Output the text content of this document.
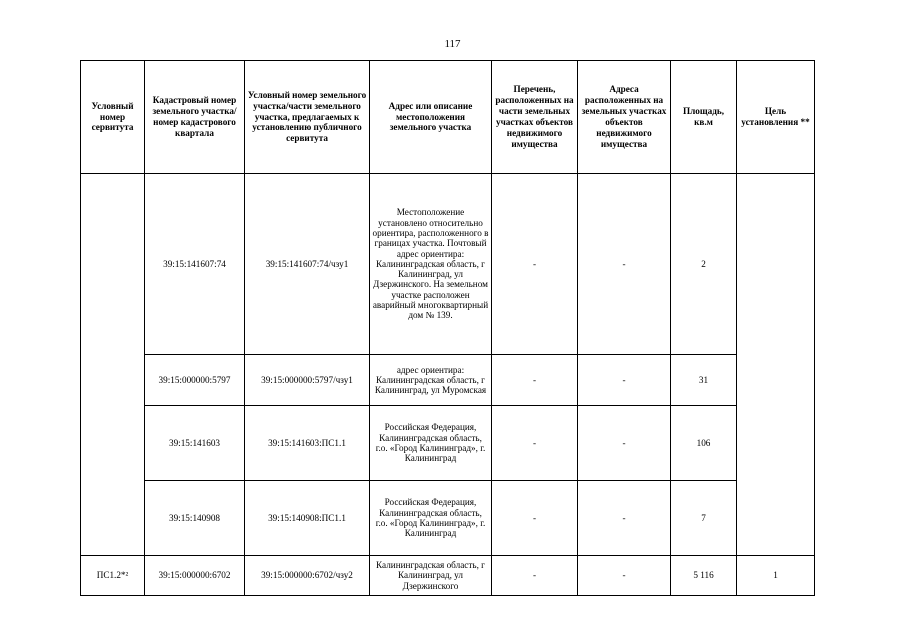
117
Условный номер сервитута	Кадастровый номер земельного участка/номер кадастрового квартала	Условный номер земельного участка/части земельного участка, предлагаемых к установлению публичного сервитута	Адрес или описание местоположения земельного участка	Перечень, расположенных на части земельных участках объектов недвижимого имущества	Адреса расположенных на земельных участках объектов недвижимого имущества	Площадь, кв.м	Цель установления **
	39:15:141607:74	39:15:141607:74/чзу1	Местоположение установлено относительно ориентира, расположенного в границах участка. Почтовый адрес ориентира: Калининградская область, г Калининград, ул Дзержинского. На земельном участке расположен аварийный многоквартирный дом № 139.	-	-	2	
	39:15:000000:5797	39:15:000000:5797/чзу1	адрес ориентира: Калининградская область, г Калининград, ул Муромская	-	-	31	
	39:15:141603	39:15:141603:ПС1.1	Российская Федерация, Калининградская область, г.о. «Город Калининград», г. Калининград	-	-	106	
	39:15:140908	39:15:140908:ПС1.1	Российская Федерация, Калининградская область, г.о. «Город Калининград», г. Калининград	-	-	7	
ПС1.2*²	39:15:000000:6702	39:15:000000:6702/чзу2	Калининградская область, г Калининград, ул Дзержинского	-	-	5 116	1
